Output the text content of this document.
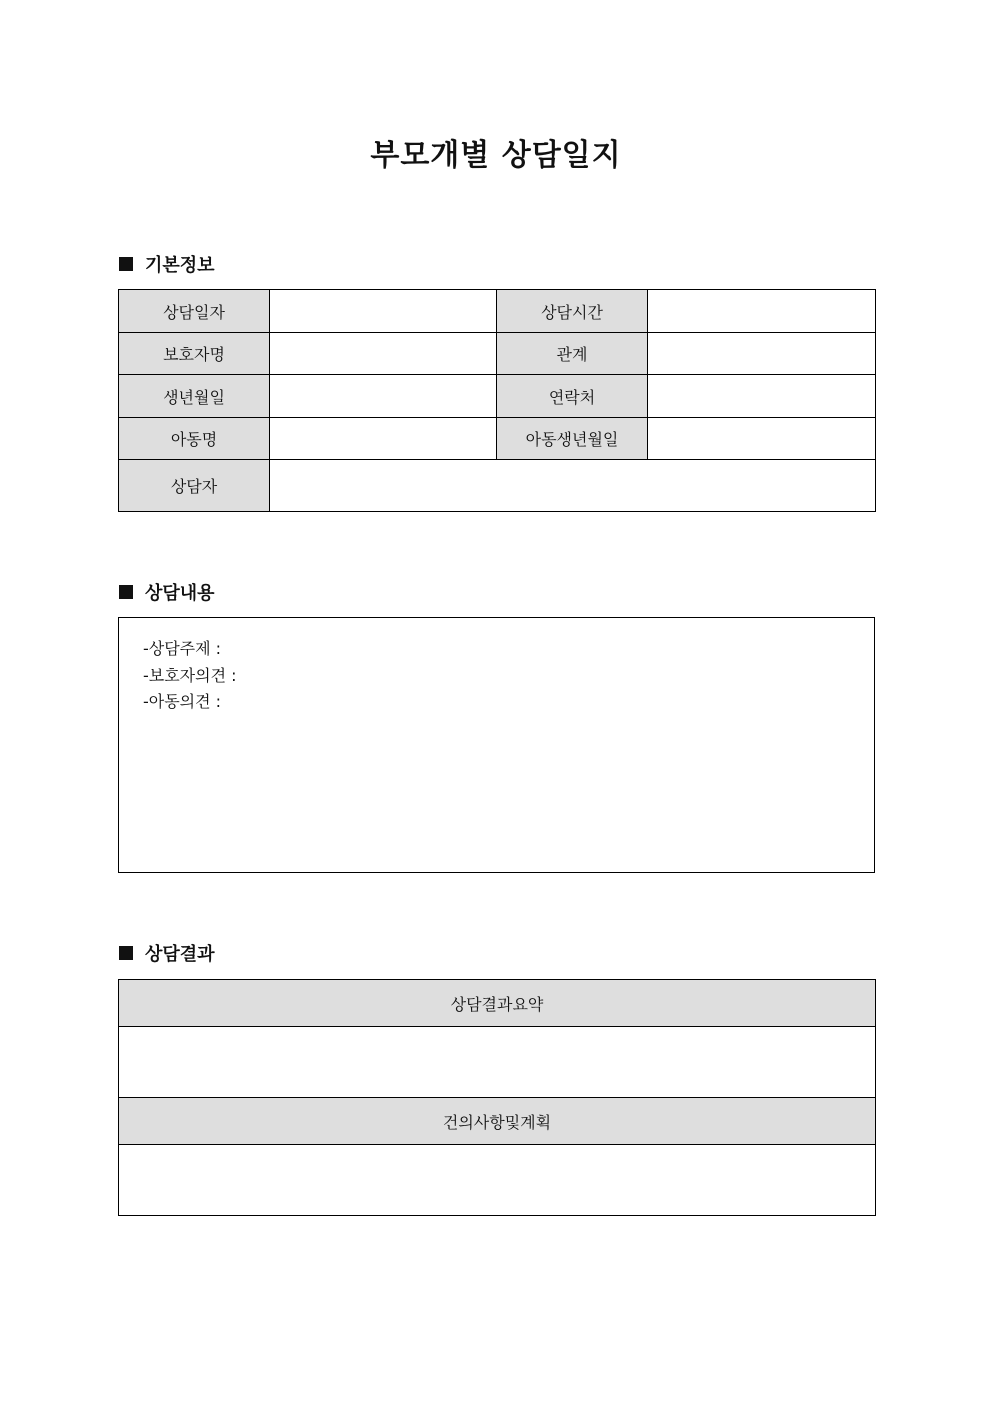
부모개별 상담일지
기본정보
상담일자		상담시간	
보호자명		관계	
생년월일		연락처	
아동명		아동생년월일	
상담자			
상담내용
-상담주제 :
-보호자의견 :
-아동의견 :
상담결과
상담결과요약

건의사항및계획
